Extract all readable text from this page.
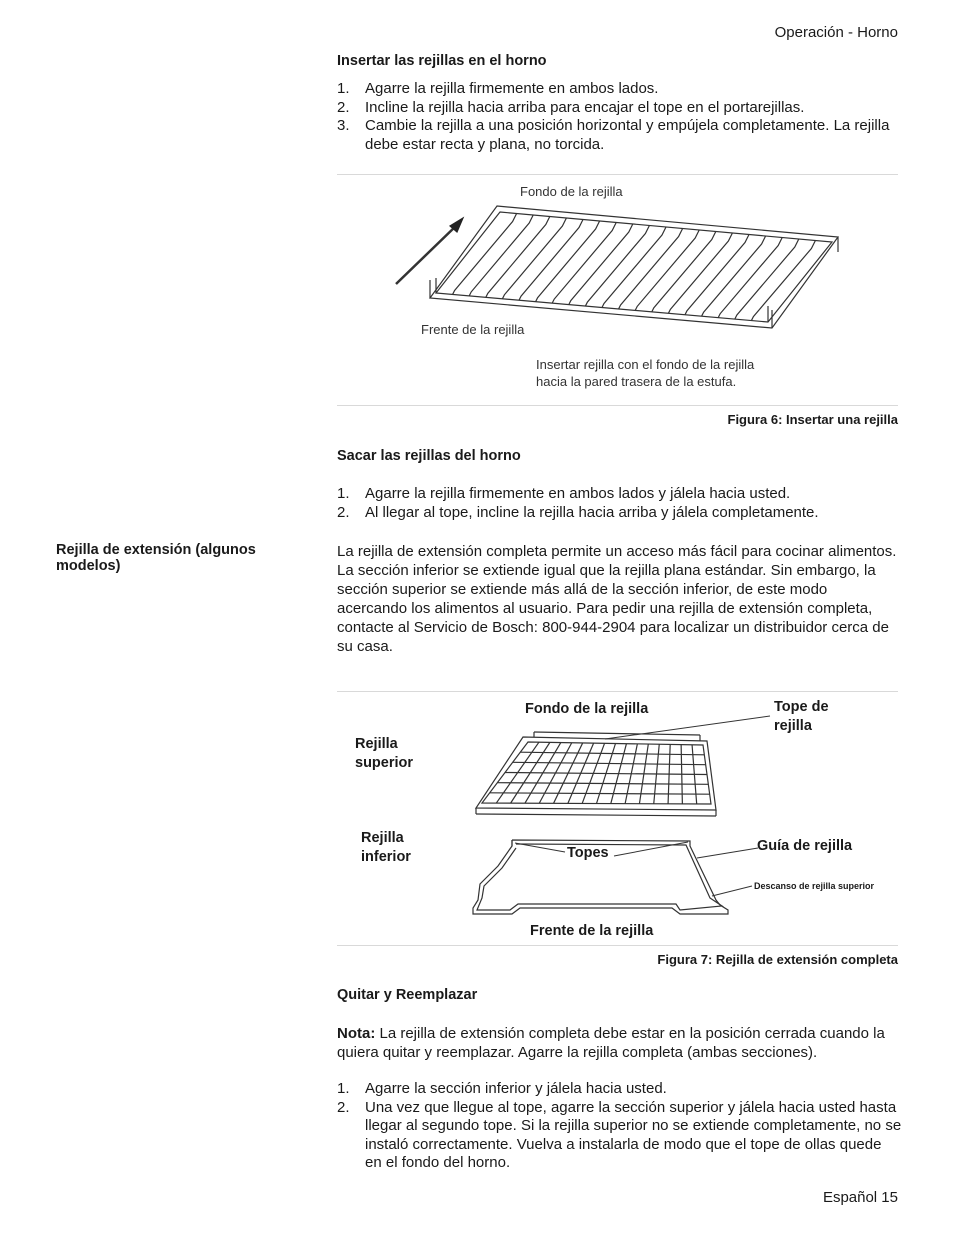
Operación - Horno
Insertar las rejillas en el horno
1. Agarre la rejilla firmemente en ambos lados.
2. Incline la rejilla hacia arriba para encajar el tope en el portarejillas.
3. Cambie la rejilla a una posición horizontal y empújela completamente. La rejilla debe estar recta y plana, no torcida.
Fondo de la rejilla
Frente de la rejilla
Insertar rejilla con el fondo de la rejilla
hacia la pared trasera de la estufa.
Figura 6: Insertar una rejilla
Sacar las rejillas del horno
1. Agarre la rejilla firmemente en ambos lados y jálela hacia usted.
2. Al llegar al tope, incline la rejilla hacia arriba y jálela completamente.
Rejilla de extensión (algunos modelos)
La rejilla de extensión completa permite un acceso más fácil para cocinar alimentos. La sección inferior se extiende igual que la rejilla plana estándar. Sin embargo, la sección superior se extiende más allá de la sección inferior, de este modo acercando los alimentos al usuario. Para pedir una rejilla de extensión completa, contacte al Servicio de Bosch: 800-944-2904 para localizar un distribuidor cerca de su casa.
Fondo de la rejilla	Tope de rejilla
Rejilla superior
Rejilla inferior	Topes	Guía de rejilla
Descanso de rejilla superior
Frente de la rejilla
Figura 7: Rejilla de extensión completa
Quitar y Reemplazar
Nota: La rejilla de extensión completa debe estar en la posición cerrada cuando la quiera quitar y reemplazar. Agarre la rejilla completa (ambas secciones).
1. Agarre la sección inferior y jálela hacia usted.
2. Una vez que llegue al tope, agarre la sección superior y jálela hacia usted hasta llegar al segundo tope. Si la rejilla superior no se extiende completamente, no se instaló correctamente. Vuelva a instalarla de modo que el tope de ollas quede en el fondo del horno.
Español 15
